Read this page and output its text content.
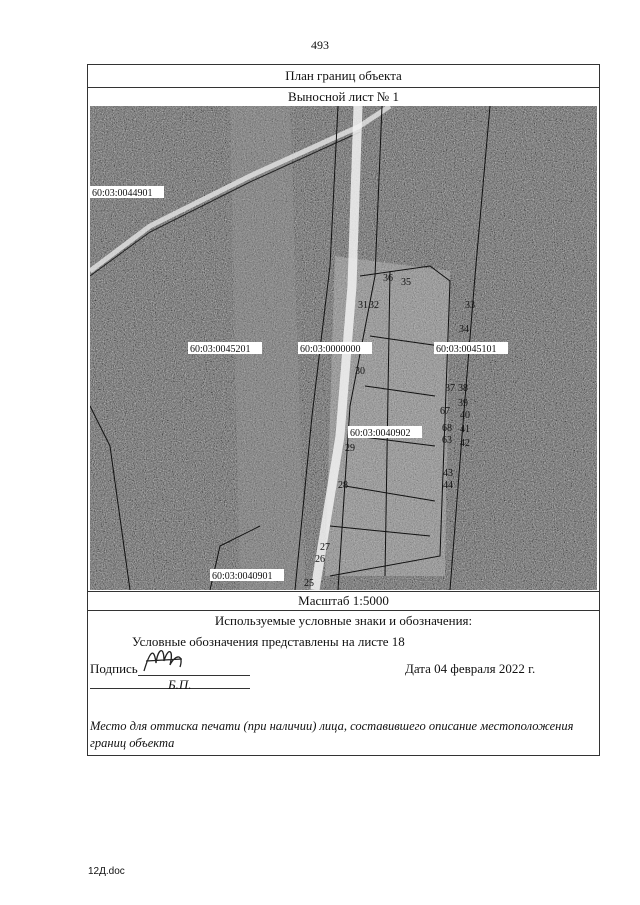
493
План границ объекта
Выносной лист № 1
60:03:0044901
60:03:0045201	60:03:0000000	60:03:0045101
60:03:0040902
60:03:0040901
36 35
31 32	33
34
30
37 38
39
40
67
41
42
68
63
29
28
43
44
27
26
25
Масштаб 1:5000
Используемые условные знаки и обозначения:
Условные обозначения представлены на листе 18
Подпись
Б.П.
Дата 04 февраля 2022 г.
Место для оттиска печати (при наличии) лица, составившего описание местоположения границ объекта
12Д.doc
